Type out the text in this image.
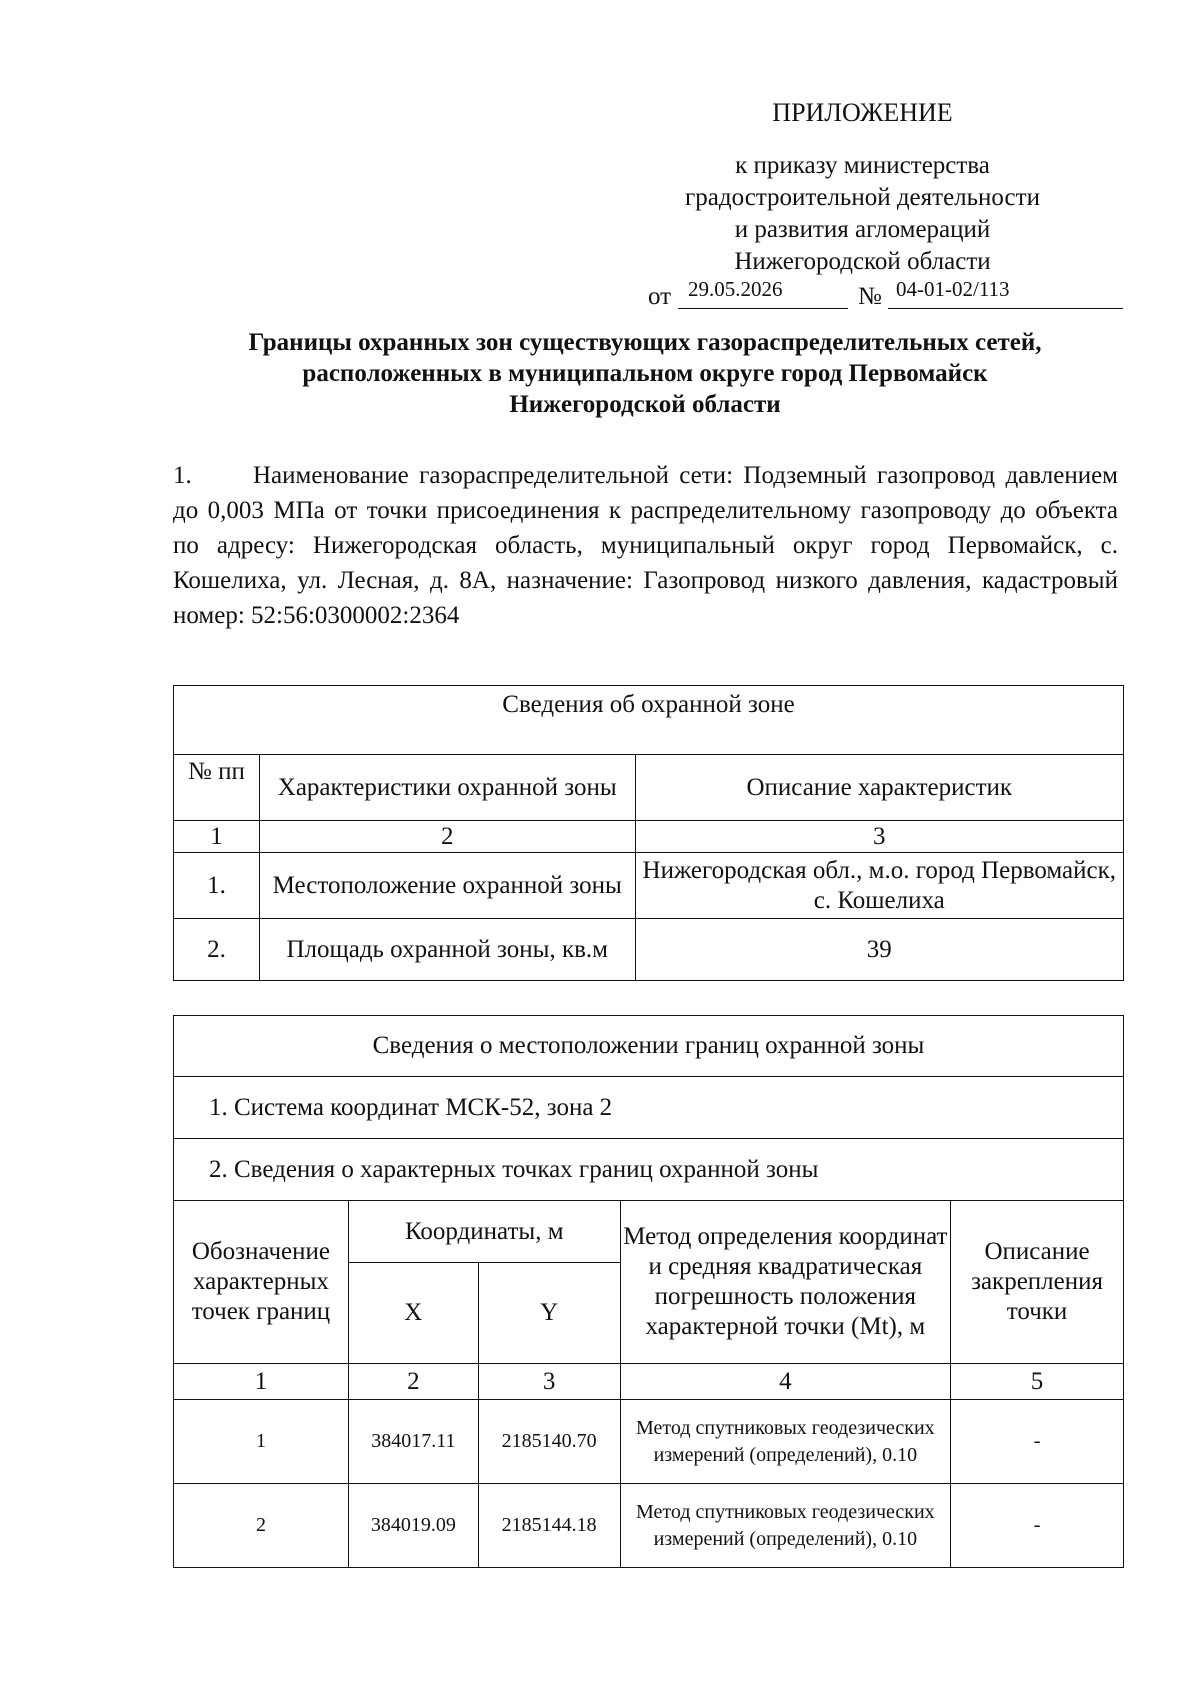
ПРИЛОЖЕНИЕ
к приказу министерства
градостроительной деятельности
и развития агломераций
Нижегородской области
от 29.05.2026	№ 04-01-02/113
Границы охранных зон существующих газораспределительных сетей,
расположенных в муниципальном округе город Первомайск
Нижегородской области
1. Наименование газораспределительной сети: Подземный газопровод давлением до 0,003 МПа от точки присоединения к распределительному газопроводу до объекта по адресу: Нижегородская область, муниципальный округ город Первомайск, с. Кошелиха, ул. Лесная, д. 8А, назначение: Газопровод низкого давления, кадастровый номер: 52:56:0300002:2364
Сведения об охранной зоне		
№ пп	Характеристики охранной зоны	Описание характеристик
1	2	3
1.	Местоположение охранной зоны	Нижегородская обл., м.о. город Первомайск, с. Кошелиха
2.	Площадь охранной зоны, кв.м	39
Сведения о местоположении границ охранной зоны				
1. Система координат МСК-52, зона 2				
2. Сведения о характерных точках границ охранной зоны				
Обозначение характерных точек границ	Координаты, м		Метод определения координат и средняя квадратическая погрешность положения характерной точки (Mt), м	Описание закрепления точки
	X	Y		
1	2	3	4	5
1	384017.11	2185140.70	Метод спутниковых геодезических измерений (определений), 0.10	-
2	384019.09	2185144.18	Метод спутниковых геодезических измерений (определений), 0.10	-
